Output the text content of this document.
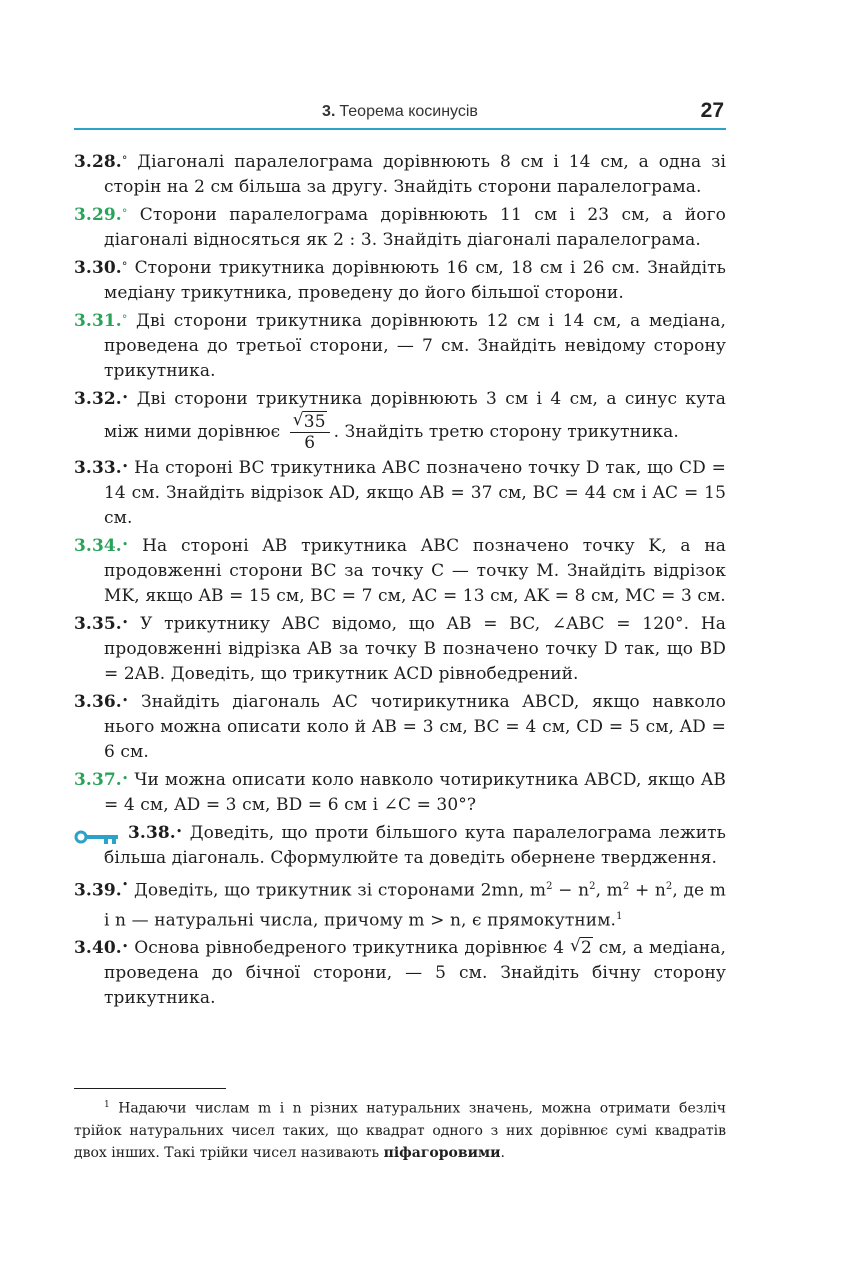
3. Теорема косинусів	27
3.28.° Діагоналі паралелограма дорівнюють 8 см і 14 см, а одна зі сторін на 2 см більша за другу. Знайдіть сторони паралелограма.
3.29.° Сторони паралелограма дорівнюють 11 см і 23 см, а його діагоналі відносяться як 2 : 3. Знайдіть діагоналі паралелограма.
3.30.° Сторони трикутника дорівнюють 16 см, 18 см і 26 см. Знайдіть медіану трикутника, проведену до його більшої сторони.
3.31.° Дві сторони трикутника дорівнюють 12 см і 14 см, а медіана, проведена до третьої сторони, — 7 см. Знайдіть невідому сторону трикутника.
3.32.• Дві сторони трикутника дорівнюють 3 см і 4 см, а синус кута між ними дорівнює $\frac{√ 35}{6}$ . Знайдіть третю сторону трикутника.
3.33.• На стороні BC трикутника ABC позначено точку D так, що CD = 14 см. Знайдіть відрізок AD, якщо AB = 37 см, BC = 44 см і AC = 15 см.
3.34.• На стороні AB трикутника ABC позначено точку K, а на продовженні сторони BC за точку C — точку M. Знайдіть відрізок MK, якщо AB = 15 см, BC = 7 см, AC = 13 см, AK = 8 см, MC = 3 см.
3.35.• У трикутнику ABC відомо, що AB = BC, ∠ABC = 120°. На продовженні відрізка AB за точку B позначено точку D так, що BD = 2AB. Доведіть, що трикутник ACD рівнобедрений.
3.36.• Знайдіть діагональ AC чотирикутника ABCD, якщо навколо нього можна описати коло й AB = 3 см, BC = 4 см, CD = 5 см, AD = 6 см.
3.37.• Чи можна описати коло навколо чотирикутника ABCD, якщо AB = 4 см, AD = 3 см, BD = 6 см і ∠C = 30°?
3.38.• Доведіть, що проти більшого кута паралелограма лежить більша діагональ. Сформулюйте та доведіть обернене твердження.
3.39.• Доведіть, що трикутник зі сторонами 2mn, $m^2 - n^2$, $m^2 + n^2$, де m і n — натуральні числа, причому m > n, є прямокутним.$^1$
3.40.• Основа рівнобедреного трикутника дорівнює 4 √ 2 см, а медіана, проведена до бічної сторони, — 5 см. Знайдіть бічну сторону трикутника.
$^1$ Надаючи числам m і n різних натуральних значень, можна отримати безліч трійок натуральних чисел таких, що квадрат одного з них дорівнює сумі квадратів двох інших. Такі трійки чисел називають піфагоровими.
